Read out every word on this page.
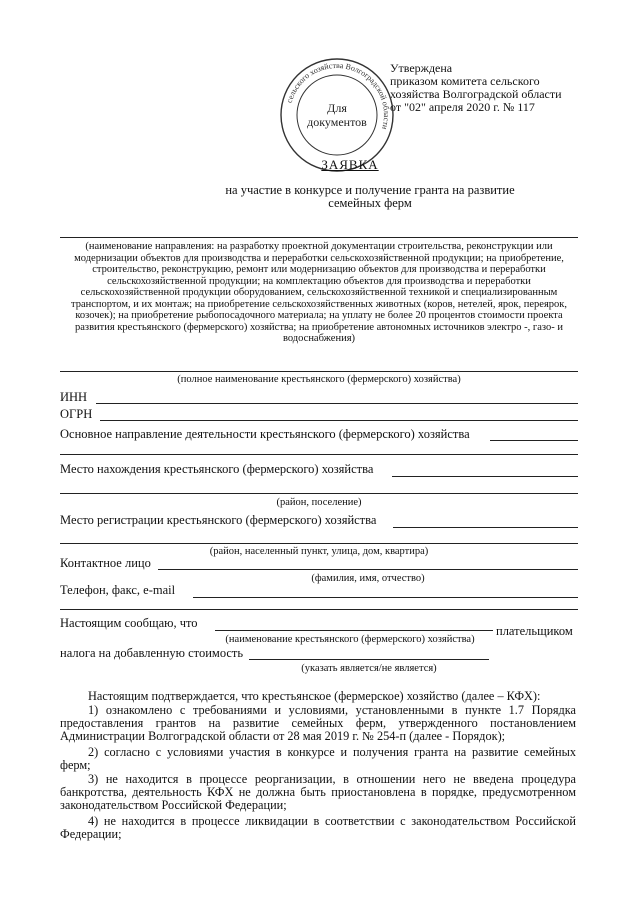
Утверждена
приказом комитета сельского
хозяйства Волгоградской области
от "02" апреля 2020 г. № 117
сельского хозяйства Волгоградской области
Для
документов
ЗАЯВКА
на участие в конкурсе и получение гранта на развитие
семейных ферм
(наименование направления: на разработку проектной документации строительства, реконструкции или модернизации объектов для производства и переработки сельскохозяйственной продукции; на приобретение, строительство, реконструкцию, ремонт или модернизацию объектов для производства и переработки сельскохозяйственной продукции; на комплектацию объектов для производства и переработки сельскохозяйственной продукции оборудованием, сельскохозяйственной техникой и специализированным транспортом, и их монтаж; на приобретение сельскохозяйственных животных (коров, нетелей, ярок, переярок, козочек); на приобретение рыбопосадочного материала; на уплату не более 20 процентов стоимости проекта развития крестьянского (фермерского) хозяйства; на приобретение автономных источников электро -, газо- и водоснабжения)
(полное наименование крестьянского (фермерского) хозяйства)
ИНН
ОГРН
Основное направление деятельности крестьянского (фермерского) хозяйства
Место нахождения крестьянского (фермерского) хозяйства
(район, поселение)
Место регистрации крестьянского (фермерского) хозяйства
(район, населенный пункт, улица, дом, квартира)
Контактное лицо
(фамилия, имя, отчество)
Телефон, факс, e-mail
Настоящим сообщаю, что
плательщиком
(наименование крестьянского (фермерского) хозяйства)
налога на добавленную стоимость
(указать является/не является)
Настоящим подтверждается, что крестьянское (фермерское) хозяйство (далее – КФХ):
1) ознакомлено с требованиями и условиями, установленными в пункте 1.7 Порядка предоставления грантов на развитие семейных ферм, утвержденного постановлением Администрации Волгоградской области от 28 мая 2019 г. № 254-п (далее - Порядок);
2) согласно с условиями участия в конкурсе и получения гранта на развитие семейных ферм;
3) не находится в процессе реорганизации, в отношении него не введена процедура банкротства, деятельность КФХ не должна быть приостановлена в порядке, предусмотренном законодательством Российской Федерации;
4) не находится в процессе ликвидации в соответствии с законодательством Российской Федерации;
